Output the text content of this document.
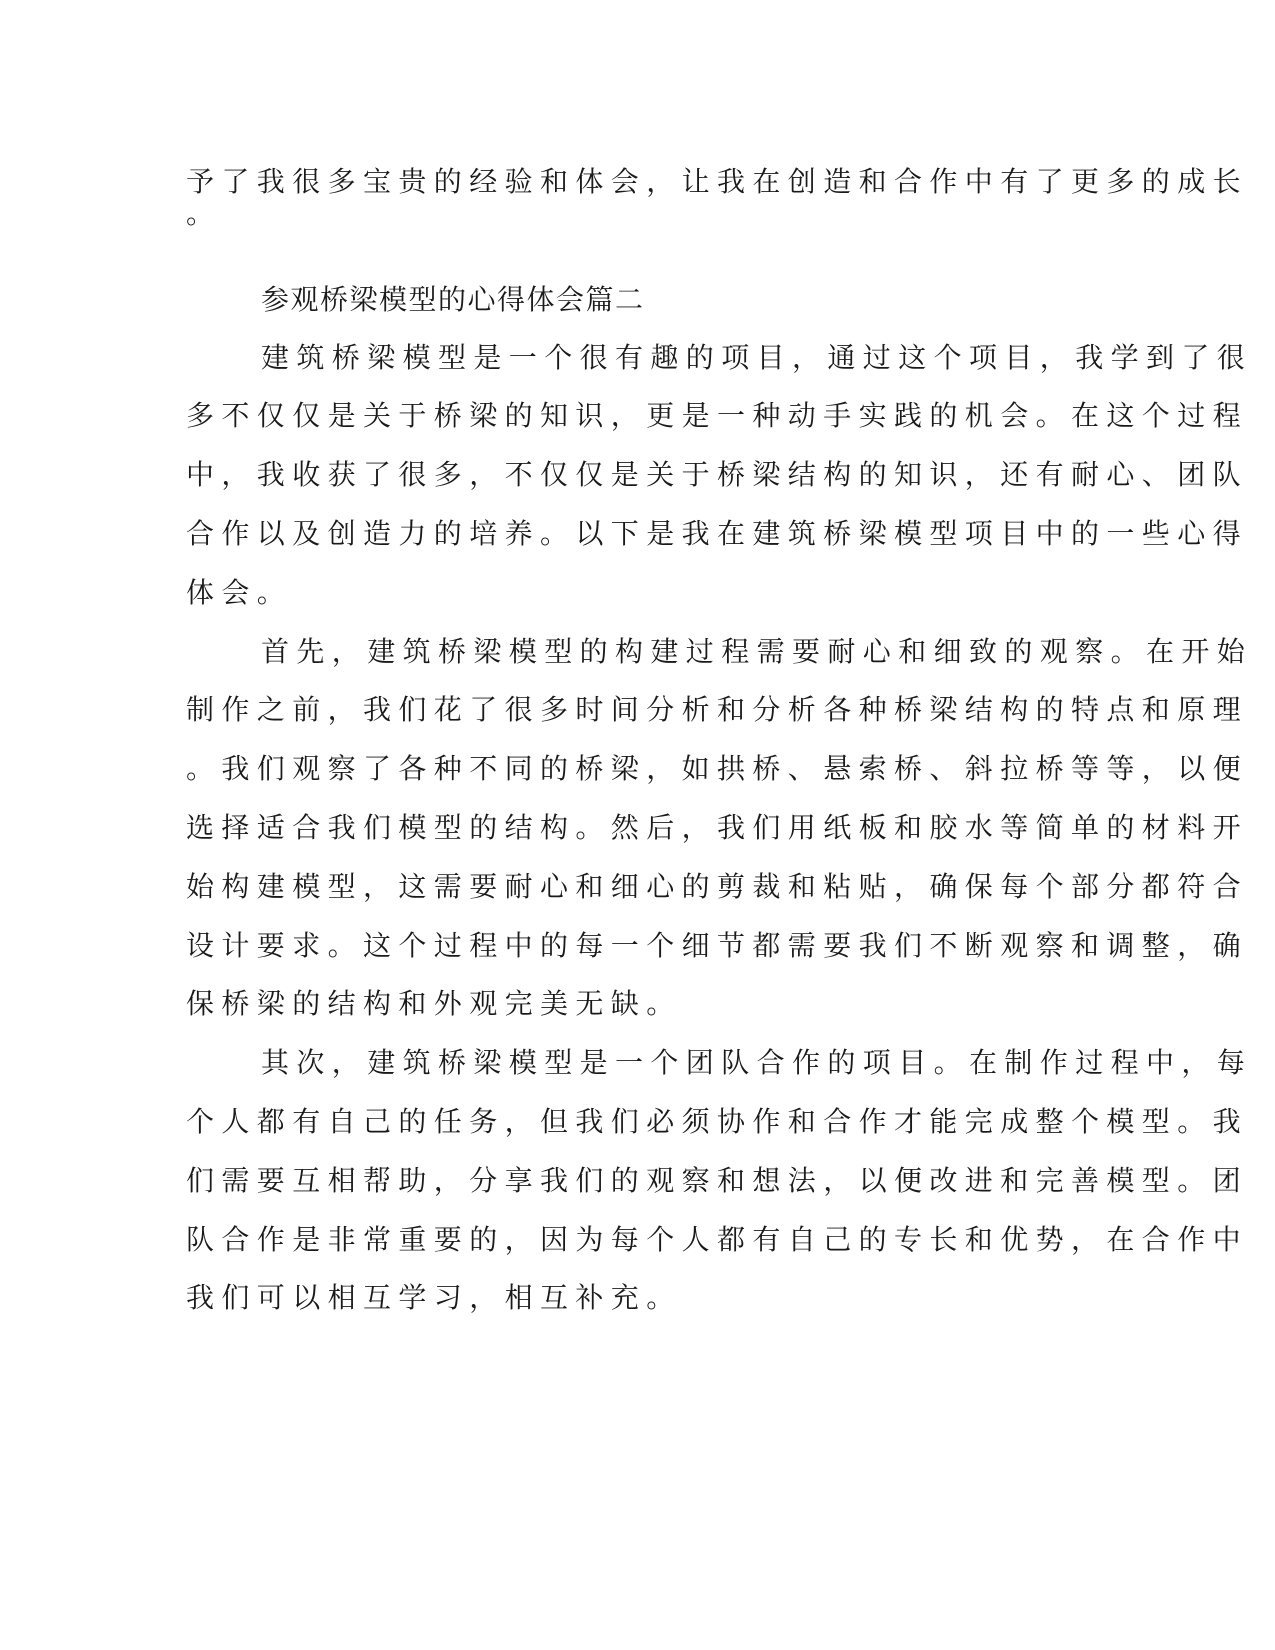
予了我很多宝贵的经验和体会，让我在创造和合作中有了更多的成长
。
参观桥梁模型的心得体会篇二
建筑桥梁模型是一个很有趣的项目，通过这个项目，我学到了很
多不仅仅是关于桥梁的知识，更是一种动手实践的机会。在这个过程
中，我收获了很多，不仅仅是关于桥梁结构的知识，还有耐心、团队
合作以及创造力的培养。以下是我在建筑桥梁模型项目中的一些心得
体会。
首先，建筑桥梁模型的构建过程需要耐心和细致的观察。在开始
制作之前，我们花了很多时间分析和分析各种桥梁结构的特点和原理
。我们观察了各种不同的桥梁，如拱桥、悬索桥、斜拉桥等等，以便
选择适合我们模型的结构。然后，我们用纸板和胶水等简单的材料开
始构建模型，这需要耐心和细心的剪裁和粘贴，确保每个部分都符合
设计要求。这个过程中的每一个细节都需要我们不断观察和调整，确
保桥梁的结构和外观完美无缺。
其次，建筑桥梁模型是一个团队合作的项目。在制作过程中，每
个人都有自己的任务，但我们必须协作和合作才能完成整个模型。我
们需要互相帮助，分享我们的观察和想法，以便改进和完善模型。团
队合作是非常重要的，因为每个人都有自己的专长和优势，在合作中
我们可以相互学习，相互补充。
